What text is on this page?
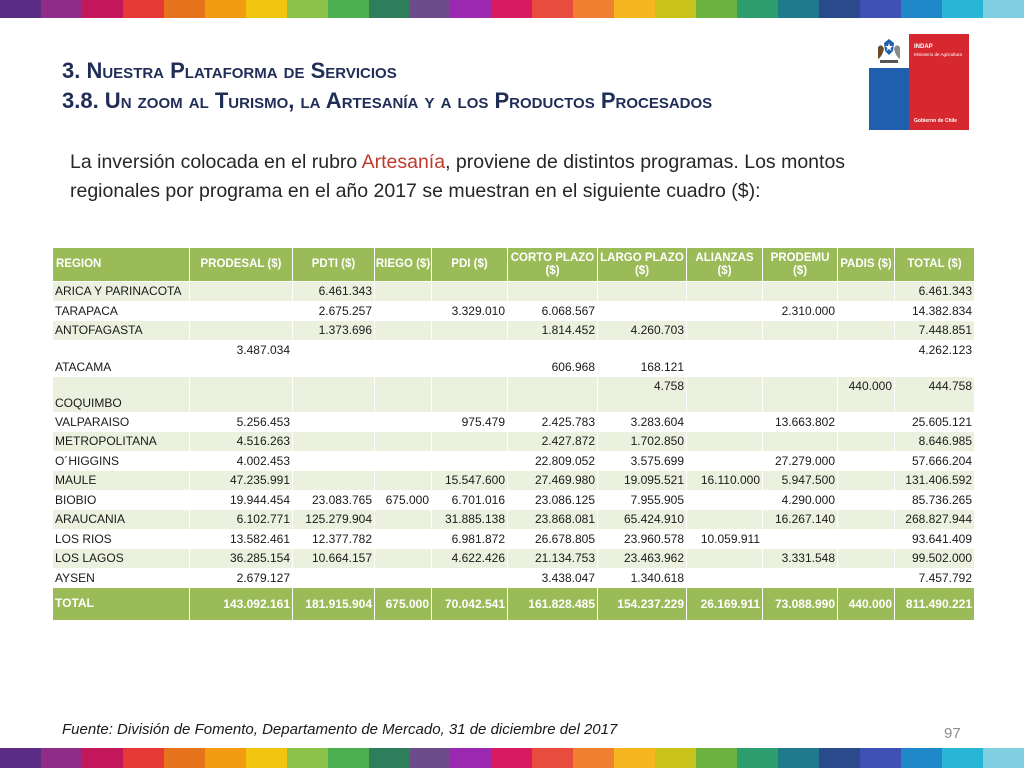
3. Nuestra Plataforma de Servicios
3.8. Un zoom al Turismo, la Artesanía y a los Productos Procesados
INDAP
Ministerio de Agricultura
Gobierno de Chile

La inversión colocada en el rubro Artesanía, proviene de distintos programas. Los montos regionales por programa en el año 2017 se muestran en el siguiente cuadro ($):

REGION	PRODESAL ($)	PDTI ($)	RIEGO ($)	PDI ($)	CORTO PLAZO ($)	LARGO PLAZO ($)	ALIANZAS ($)	PRODEMU ($)	PADIS ($)	TOTAL ($)
ARICA Y PARINACOTA		6.461.343								6.461.343
TARAPACA		2.675.257		3.329.010	6.068.567			2.310.000		14.382.834
ANTOFAGASTA		1.373.696			1.814.452	4.260.703				7.448.851
ATACAMA	3.487.034				606.968	168.121				4.262.123
COQUIMBO						4.758			440.000	444.758
VALPARAISO	5.256.453			975.479	2.425.783	3.283.604		13.663.802		25.605.121
METROPOLITANA	4.516.263				2.427.872	1.702.850				8.646.985
O´HIGGINS	4.002.453				22.809.052	3.575.699		27.279.000		57.666.204
MAULE	47.235.991			15.547.600	27.469.980	19.095.521	16.110.000	5.947.500		131.406.592
BIOBIO	19.944.454	23.083.765	675.000	6.701.016	23.086.125	7.955.905		4.290.000		85.736.265
ARAUCANIA	6.102.771	125.279.904		31.885.138	23.868.081	65.424.910		16.267.140		268.827.944
LOS RIOS	13.582.461	12.377.782		6.981.872	26.678.805	23.960.578	10.059.911			93.641.409
LOS LAGOS	36.285.154	10.664.157		4.622.426	21.134.753	23.463.962		3.331.548		99.502.000
AYSEN	2.679.127				3.438.047	1.340.618				7.457.792
TOTAL	143.092.161	181.915.904	675.000	70.042.541	161.828.485	154.237.229	26.169.911	73.088.990	440.000	811.490.221
Fuente: División de Fomento, Departamento de Mercado, 31 de diciembre del 2017	97
